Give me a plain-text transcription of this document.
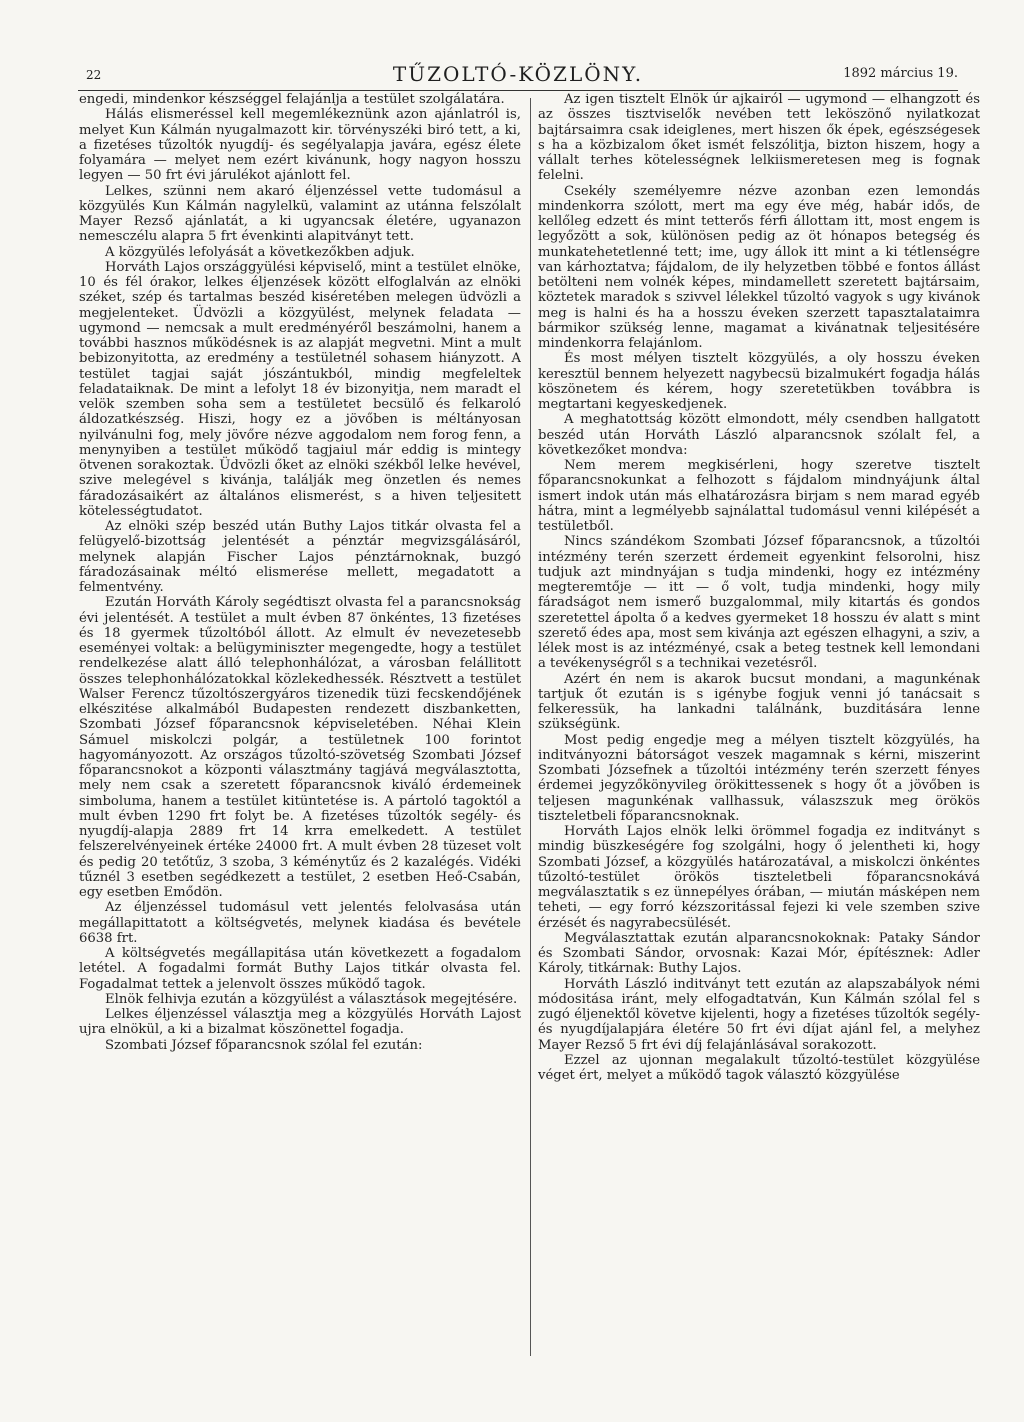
22	TŰZOLTÓ-KÖZLÖNY.	1892 március 19.

engedi, mindenkor készséggel felajánlja a testület szolgálatára.

Hálás elismeréssel kell megemlékeznünk azon ajánlatról is, melyet Kun Kálmán nyugalmazott kir. törvényszéki biró tett, a ki, a fizetéses tűzoltók nyugdíj- és segélyalapja javára, egész élete folyamára — melyet nem ezért kivánunk, hogy nagyon hosszu legyen — 50 frt évi járulékot ajánlott fel.

Lelkes, szünni nem akaró éljenzéssel vette tudomásul a közgyülés Kun Kálmán nagylelkü, valamint az utánna felszólalt Mayer Rezső ajánlatát, a ki ugyancsak életére, ugyanazon nemesczélu alapra 5 frt évenkinti alapitványt tett.

A közgyülés lefolyását a következőkben adjuk.

Horváth Lajos országgyülési képviselő, mint a testület elnöke, 10 és fél órakor, lelkes éljenzések között elfoglalván az elnöki széket, szép és tartalmas beszéd kiséretében melegen üdvözli a megjelenteket. Üdvözli a közgyülést, melynek feladata — ugymond — nemcsak a mult eredményéről beszámolni, hanem a további hasznos működésnek is az alapját megvetni. Mint a mult bebizonyitotta, az eredmény a testületnél sohasem hiányzott. A testület tagjai saját jószántukból, mindig megfeleltek feladataiknak. De mint a lefolyt 18 év bizonyitja, nem maradt el velök szemben soha sem a testületet becsülő és felkaroló áldozatkészség. Hiszi, hogy ez a jövőben is méltányosan nyilvánulni fog, mely jövőre nézve aggodalom nem forog fenn, a menynyiben a testület működő tagjaiul már eddig is mintegy ötvenen sorakoztak. Üdvözli őket az elnöki székből lelke hevével, szive melegével s kivánja, találják meg önzetlen és nemes fáradozásaikért az általános elismerést, s a hiven teljesitett kötelességtudatot.

Az elnöki szép beszéd után Buthy Lajos titkár olvasta fel a felügyelő-bizottság jelentését a pénztár megvizsgálásáról, melynek alapján Fischer Lajos pénztárnoknak, buzgó fáradozásainak méltó elismerése mellett, megadatott a felmentvény.

Ezután Horváth Károly segédtiszt olvasta fel a parancsnokság évi jelentését. A testület a mult évben 87 önkéntes, 13 fizetéses és 18 gyermek tűzoltóból állott. Az elmult év nevezetesebb eseményei voltak: a belügyminiszter megengedte, hogy a testület rendelkezése alatt álló telephonhálózat, a városban felállitott összes telephonhálózatokkal közlekedhessék. Résztvett a testület Walser Ferencz tűzoltószergyáros tizenedik tüzi fecskendőjének elkészitése alkalmából Budapesten rendezett diszbanketten, Szombati József főparancsnok képviseletében. Néhai Klein Sámuel miskolczi polgár, a testületnek 100 forintot hagyományozott. Az országos tűzoltó-szövetség Szombati József főparancsnokot a központi választmány tagjává megválasztotta, mely nem csak a szeretett főparancsnok kiváló érdemeinek simboluma, hanem a testület kitüntetése is. A pártoló tagoktól a mult évben 1290 frt folyt be. A fizetéses tűzoltók segély- és nyugdíj-alapja 2889 frt 14 krra emelkedett. A testület felszerelvényeinek értéke 24000 frt. A mult évben 28 tüzeset volt és pedig 20 tetőtűz, 3 szoba, 3 kéménytűz és 2 kazalégés. Vidéki tűznél 3 esetben segédkezett a testület, 2 esetben Heő-Csabán, egy esetben Emődön.

Az éljenzéssel tudomásul vett jelentés felolvasása után megállapittatott a költségvetés, melynek kiadása és bevétele 6638 frt.

A költségvetés megállapitása után következett a fogadalom letétel. A fogadalmi formát Buthy Lajos titkár olvasta fel. Fogadalmat tettek a jelenvolt összes működő tagok.

Elnök felhivja ezután a közgyülést a választások megejtésére.

Lelkes éljenzéssel választja meg a közgyülés Horváth Lajost ujra elnökül, a ki a bizalmat köszönettel fogadja.

Szombati József főparancsnok szólal fel ezután:

Az igen tisztelt Elnök úr ajkairól — ugymond — elhangzott és az összes tisztviselők nevében tett leköszönő nyilatkozat bajtársaimra csak ideiglenes, mert hiszen ők épek, egészségesek s ha a közbizalom őket ismét felszólitja, bizton hiszem, hogy a vállalt terhes kötelességnek lelkiismeretesen meg is fognak felelni.

Csekély személyemre nézve azonban ezen lemondás mindenkorra szólott, mert ma egy éve még, habár idős, de kellőleg edzett és mint tetterős férfi állottam itt, most engem is legyőzött a sok, különösen pedig az öt hónapos betegség és munkatehetetlenné tett; ime, ugy állok itt mint a ki tétlenségre van kárhoztatva; fájdalom, de ily helyzetben többé e fontos állást betölteni nem volnék képes, mindamellett szeretett bajtársaim, köztetek maradok s szivvel lélekkel tűzoltó vagyok s ugy kivánok meg is halni és ha a hosszu éveken szerzett tapasztalataimra bármikor szükség lenne, magamat a kivánatnak teljesitésére mindenkorra felajánlom.

És most mélyen tisztelt közgyülés, a oly hosszu éveken keresztül bennem helyezett nagybecsü bizalmukért fogadja hálás köszönetem és kérem, hogy szeretetükben továbbra is megtartani kegyeskedjenek.

A meghatottság között elmondott, mély csendben hallgatott beszéd után Horváth László alparancsnok szólalt fel, a következőket mondva:

Nem merem megkisérleni, hogy szeretve tisztelt főparancsnokunkat a felhozott s fájdalom mindnyájunk által ismert indok után más elhatározásra birjam s nem marad egyéb hátra, mint a legmélyebb sajnálattal tudomásul venni kilépését a testületből.

Nincs szándékom Szombati József főparancsnok, a tűzoltói intézmény terén szerzett érdemeit egyenkint felsorolni, hisz tudjuk azt mindnyájan s tudja mindenki, hogy ez intézmény megteremtője — itt — ő volt, tudja mindenki, hogy mily fáradságot nem ismerő buzgalommal, mily kitartás és gondos szeretettel ápolta ő a kedves gyermeket 18 hosszu év alatt s mint szerető édes apa, most sem kivánja azt egészen elhagyni, a sziv, a lélek most is az intézményé, csak a beteg testnek kell lemondani a tevékenységről s a technikai vezetésről.

Azért én nem is akarok bucsut mondani, a magunkénak tartjuk őt ezután is s igénybe fogjuk venni jó tanácsait s felkeressük, ha lankadni találnánk, buzditására lenne szükségünk.

Most pedig engedje meg a mélyen tisztelt közgyülés, ha inditványozni bátorságot veszek magamnak s kérni, miszerint Szombati Józsefnek a tűzoltói intézmény terén szerzett fényes érdemei jegyzőkönyvileg örökittessenek s hogy őt a jövőben is teljesen magunkénak vallhassuk, válaszszuk meg örökös tiszteletbeli főparancsnoknak.

Horváth Lajos elnök lelki örömmel fogadja ez inditványt s mindig büszkeségére fog szolgálni, hogy ő jelentheti ki, hogy Szombati József, a közgyülés határozatával, a miskolczi önkéntes tűzoltó-testület örökös tiszteletbeli főparancsnokává megválasztatik s ez ünnepélyes órában, — miután másképen nem teheti, — egy forró kézszoritással fejezi ki vele szemben szive érzését és nagyrabecsülését.

Megválasztattak ezután alparancsnokoknak: Pataky Sándor és Szombati Sándor, orvosnak: Kazai Mór, építésznek: Adler Károly, titkárnak: Buthy Lajos.

Horváth László inditványt tett ezután az alapszabályok némi módositása iránt, mely elfogadtatván, Kun Kálmán szólal fel s zugó éljenektől követve kijelenti, hogy a fizetéses tűzoltók segély- és nyugdíjalapjára életére 50 frt évi díjat ajánl fel, a melyhez Mayer Rezső 5 frt évi díj felajánlásával sorakozott.

Ezzel az ujonnan megalakult tűzoltó-testület közgyülése véget ért, melyet a működő tagok választó közgyülése
